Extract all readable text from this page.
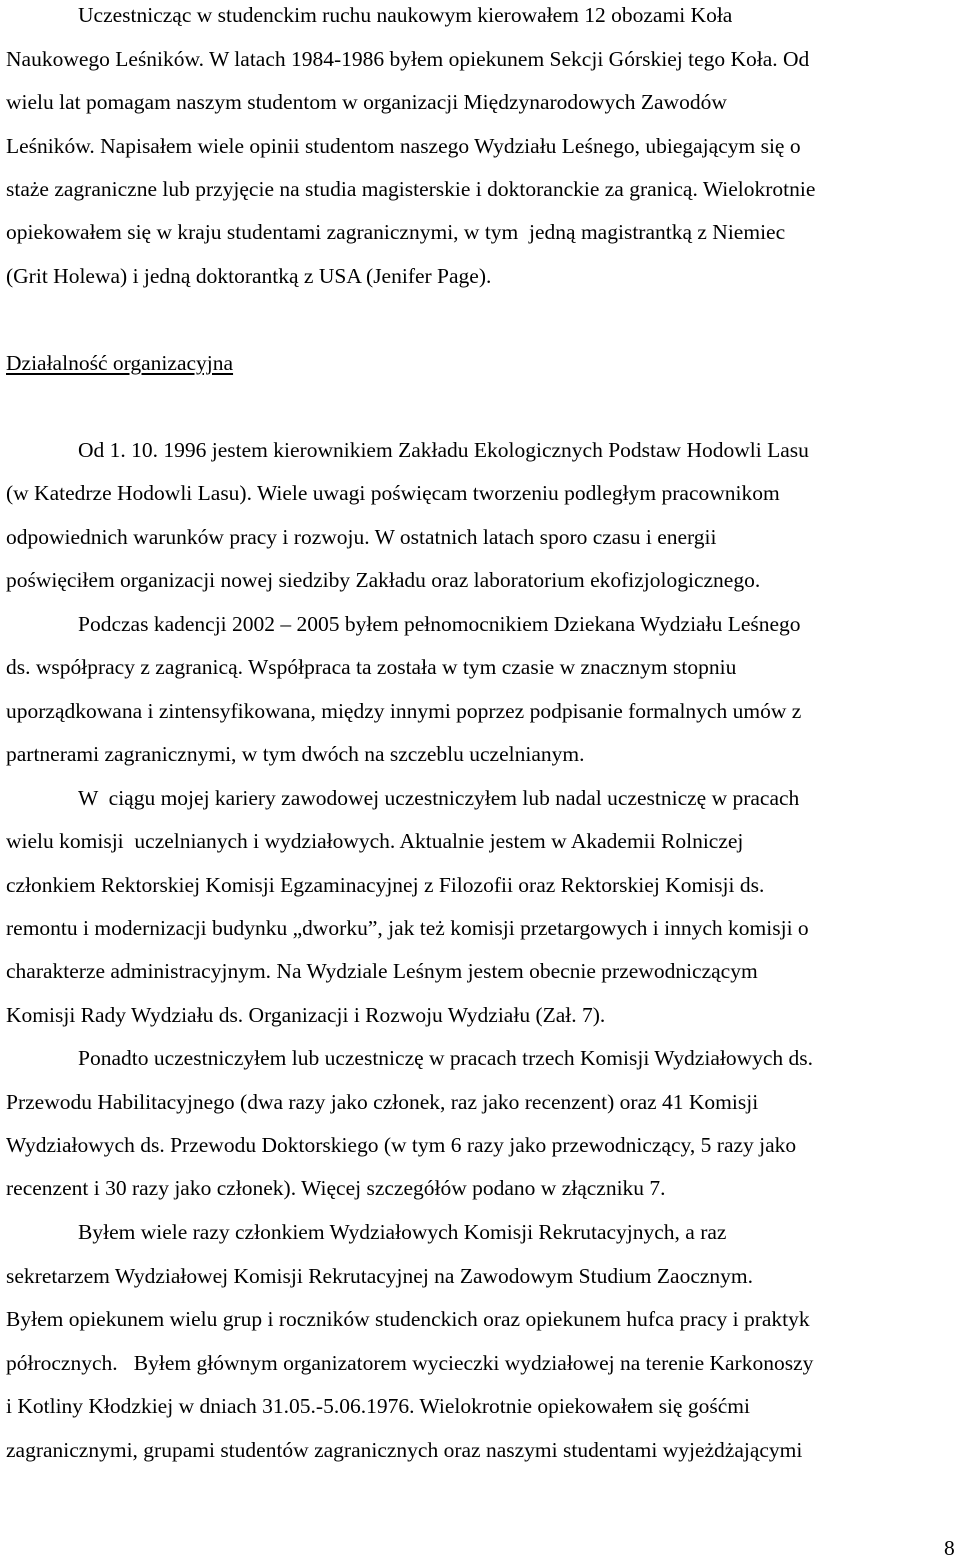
Uczestnicząc w studenckim ruchu naukowym kierowałem 12 obozami Koła
Naukowego Leśników. W latach 1984-1986 byłem opiekunem Sekcji Górskiej tego Koła. Od
wielu lat pomagam naszym studentom w organizacji Międzynarodowych Zawodów
Leśników. Napisałem wiele opinii studentom naszego Wydziału Leśnego, ubiegającym się o
staże zagraniczne lub przyjęcie na studia magisterskie i doktoranckie za granicą. Wielokrotnie
opiekowałem się w kraju studentami zagranicznymi, w tym  jedną magistrantką z Niemiec
(Grit Holewa) i jedną doktorantką z USA (Jenifer Page).
Działalność organizacyjna
Od 1. 10. 1996 jestem kierownikiem Zakładu Ekologicznych Podstaw Hodowli Lasu
(w Katedrze Hodowli Lasu). Wiele uwagi poświęcam tworzeniu podległym pracownikom
odpowiednich warunków pracy i rozwoju. W ostatnich latach sporo czasu i energii
poświęciłem organizacji nowej siedziby Zakładu oraz laboratorium ekofizjologicznego.
Podczas kadencji 2002 – 2005 byłem pełnomocnikiem Dziekana Wydziału Leśnego
ds. współpracy z zagranicą. Współpraca ta została w tym czasie w znacznym stopniu
uporządkowana i zintensyfikowana, między innymi poprzez podpisanie formalnych umów z
partnerami zagranicznymi, w tym dwóch na szczeblu uczelnianym.
W  ciągu mojej kariery zawodowej uczestniczyłem lub nadal uczestniczę w pracach
wielu komisji  uczelnianych i wydziałowych. Aktualnie jestem w Akademii Rolniczej
członkiem Rektorskiej Komisji Egzaminacyjnej z Filozofii oraz Rektorskiej Komisji ds.
remontu i modernizacji budynku „dworku”, jak też komisji przetargowych i innych komisji o
charakterze administracyjnym. Na Wydziale Leśnym jestem obecnie przewodniczącym
Komisji Rady Wydziału ds. Organizacji i Rozwoju Wydziału (Zał. 7).
Ponadto uczestniczyłem lub uczestniczę w pracach trzech Komisji Wydziałowych ds.
Przewodu Habilitacyjnego (dwa razy jako członek, raz jako recenzent) oraz 41 Komisji
Wydziałowych ds. Przewodu Doktorskiego (w tym 6 razy jako przewodniczący, 5 razy jako
recenzent i 30 razy jako członek). Więcej szczegółów podano w złączniku 7.
Byłem wiele razy członkiem Wydziałowych Komisji Rekrutacyjnych, a raz
sekretarzem Wydziałowej Komisji Rekrutacyjnej na Zawodowym Studium Zaocznym.
Byłem opiekunem wielu grup i roczników studenckich oraz opiekunem hufca pracy i praktyk
półrocznych.   Byłem głównym organizatorem wycieczki wydziałowej na terenie Karkonoszy
i Kotliny Kłodzkiej w dniach 31.05.-5.06.1976. Wielokrotnie opiekowałem się gośćmi
zagranicznymi, grupami studentów zagranicznych oraz naszymi studentami wyjeżdżającymi
8
